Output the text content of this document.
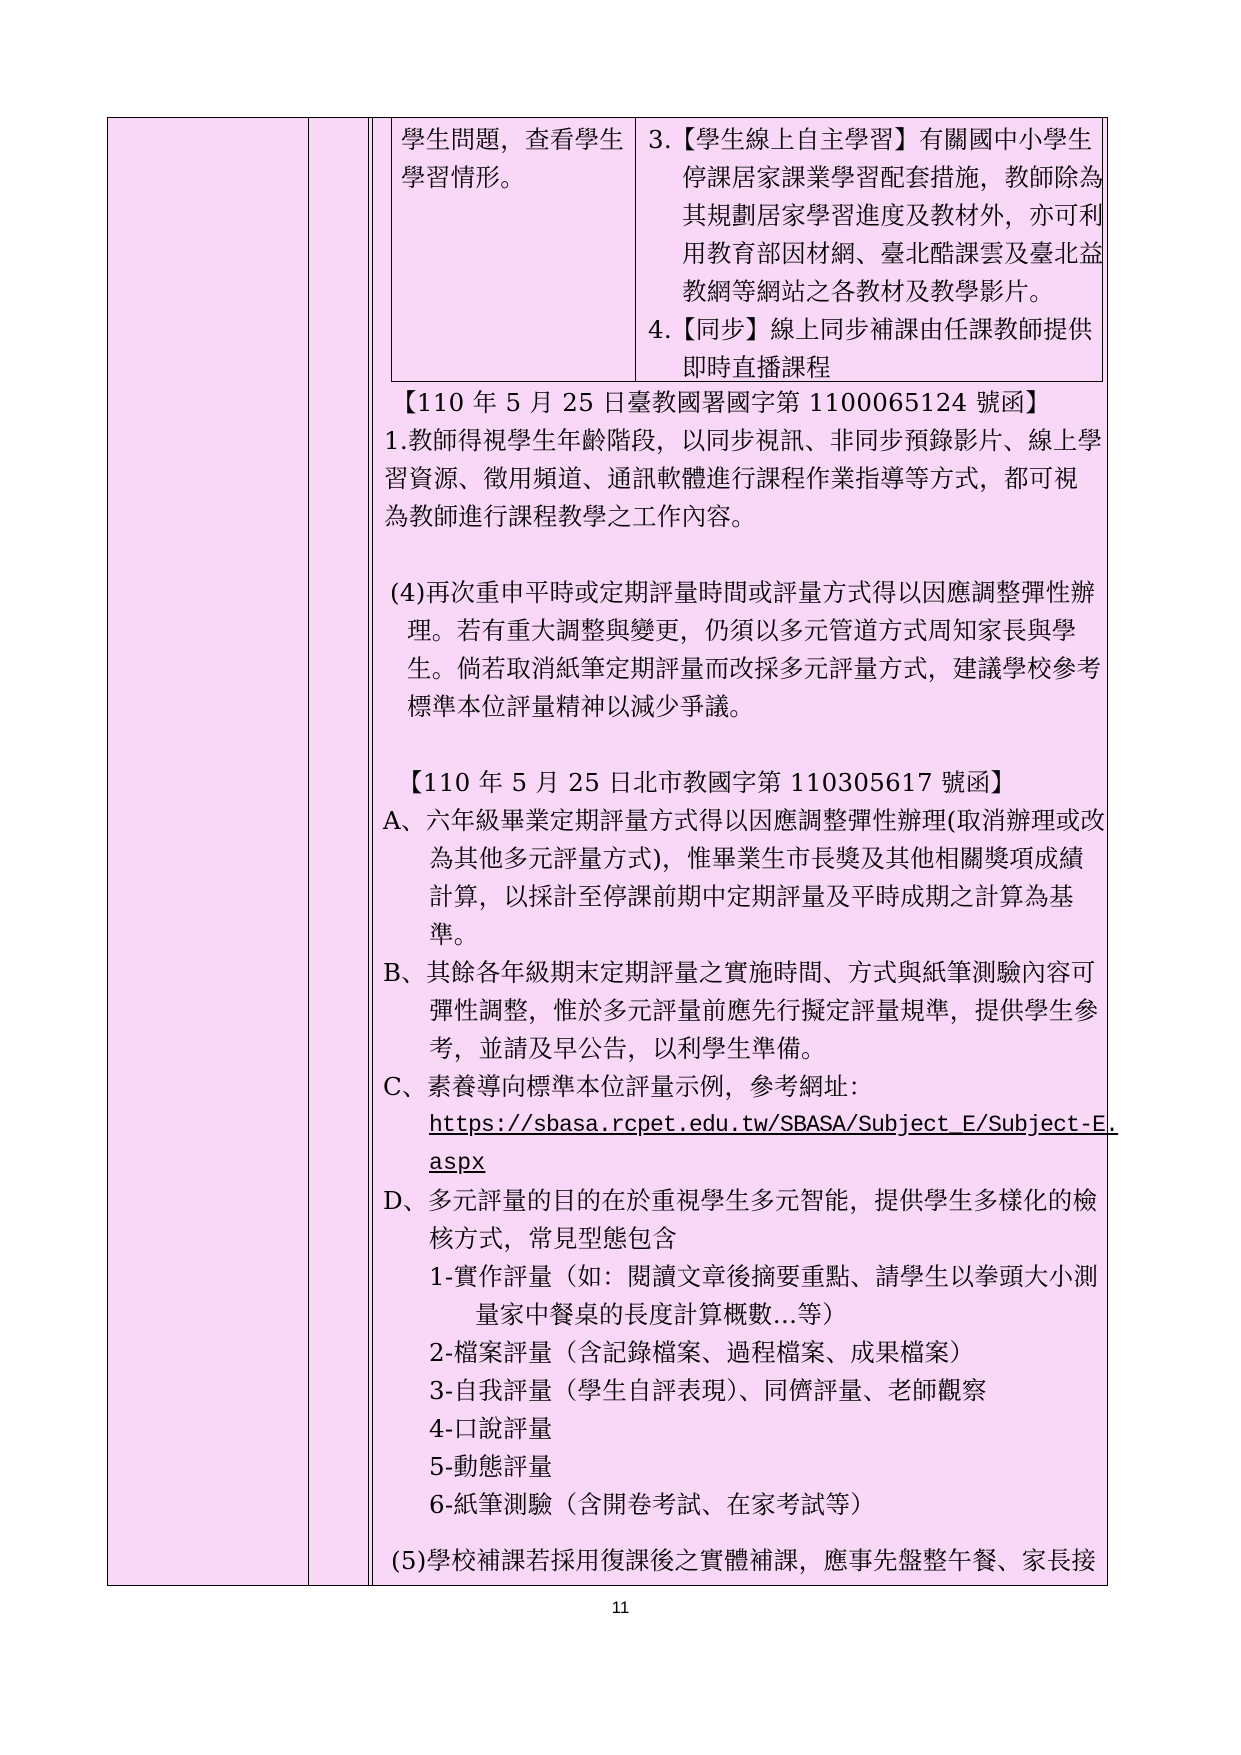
學生問題，查看學生
學習情形。
3. 【學生線上自主學習】有關國中小學生
停課居家課業學習配套措施，教師除為
其規劃居家學習進度及教材外，亦可利
用教育部因材網、臺北酷課雲及臺北益
教網等網站之各教材及教學影片。
4. 【同步】線上同步補課由任課教師提供
即時直播課程
【110 年 5 月 25 日臺教國署國字第 1100065124 號函】
1.教師得視學生年齡階段，以同步視訊、非同步預錄影片、線上學
習資源、徵用頻道、通訊軟體進行課程作業指導等方式，都可視
為教師進行課程教學之工作內容。
(4)再次重申平時或定期評量時間或評量方式得以因應調整彈性辦
理。若有重大調整與變更，仍須以多元管道方式周知家長與學
生。倘若取消紙筆定期評量而改採多元評量方式，建議學校參考
標準本位評量精神以減少爭議。
【110 年 5 月 25 日北市教國字第 110305617 號函】
A、六年級畢業定期評量方式得以因應調整彈性辦理(取消辦理或改
為其他多元評量方式)，惟畢業生市長獎及其他相關獎項成績
計算，以採計至停課前期中定期評量及平時成期之計算為基
準。
B、其餘各年級期末定期評量之實施時間、方式與紙筆測驗內容可
彈性調整，惟於多元評量前應先行擬定評量規準，提供學生參
考，並請及早公告，以利學生準備。
C、素養導向標準本位評量示例，參考網址：
https://sbasa.rcpet.edu.tw/SBASA/Subject_E/Subject-E.
aspx
D、多元評量的目的在於重視學生多元智能，提供學生多樣化的檢
核方式，常見型態包含
1-實作評量（如：閱讀文章後摘要重點、請學生以拳頭大小測
量家中餐桌的長度計算概數…等）
2-檔案評量（含記錄檔案、過程檔案、成果檔案）
3-自我評量（學生自評表現）、同儕評量、老師觀察
4-口說評量
5-動態評量
6-紙筆測驗（含開卷考試、在家考試等）
(5)學校補課若採用復課後之實體補課，應事先盤整午餐、家長接
11
